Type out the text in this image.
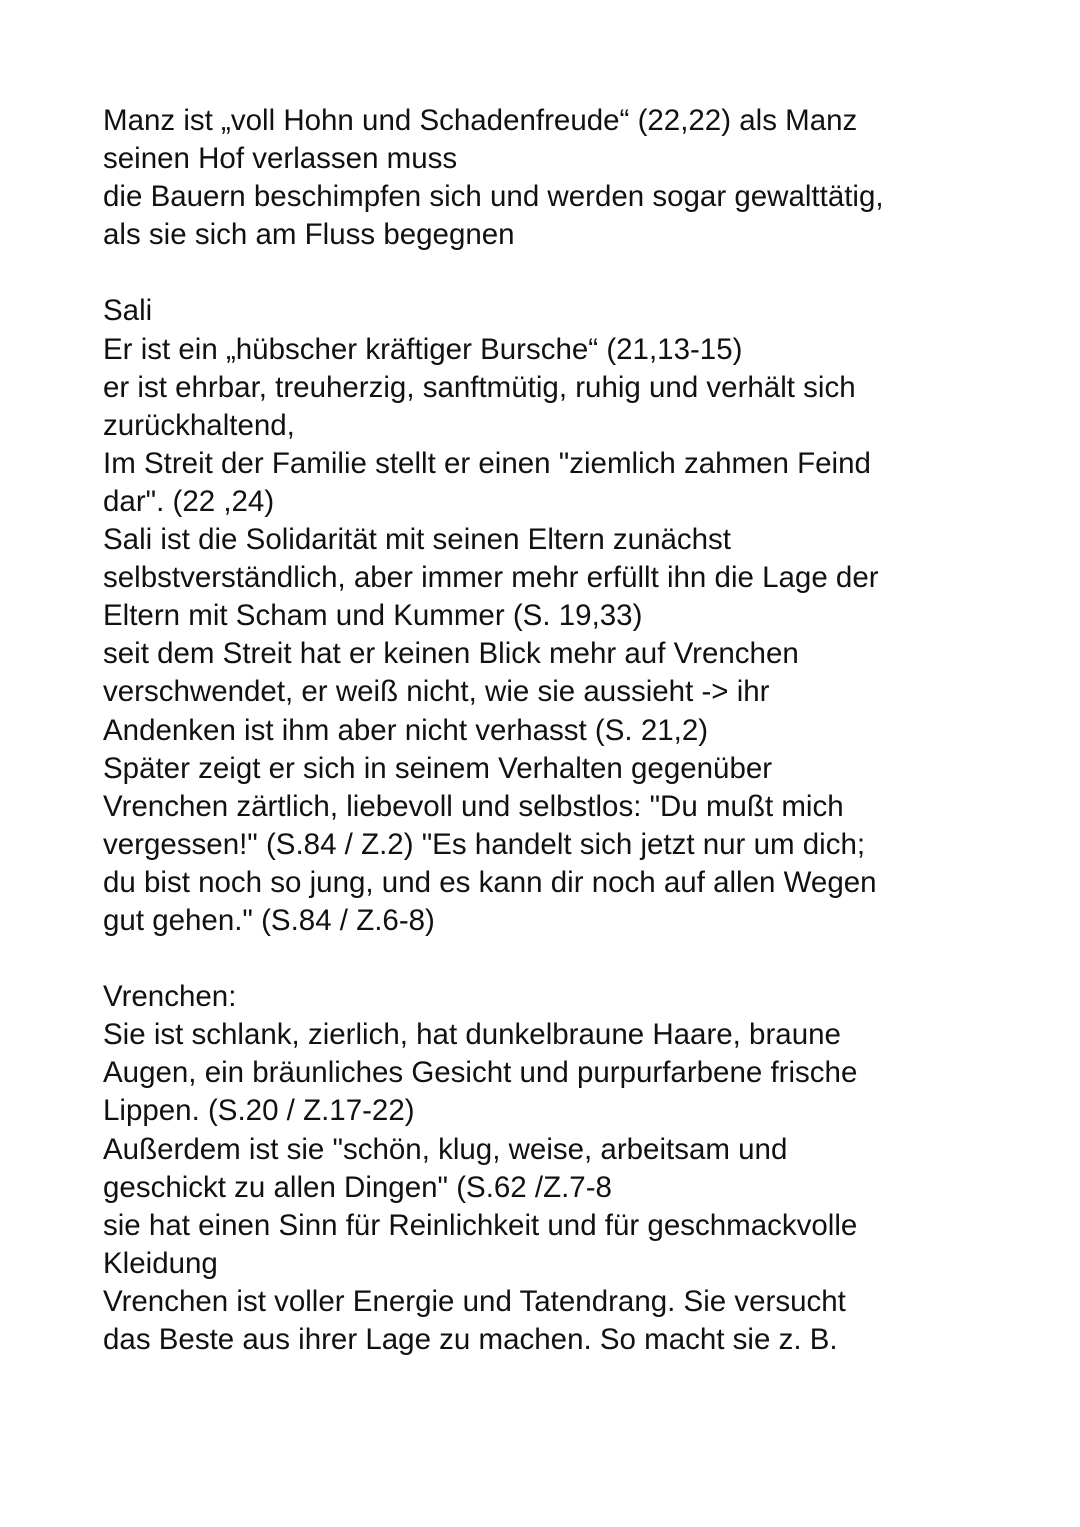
Manz ist „voll Hohn und Schadenfreude“ (22,22) als Manz
seinen Hof verlassen muss
die Bauern beschimpfen sich und werden sogar gewalttätig,
als sie sich am Fluss begegnen
Sali
Er ist ein „hübscher kräftiger Bursche“ (21,13-15)
er ist ehrbar, treuherzig, sanftmütig, ruhig und verhält sich
zurückhaltend,
Im Streit der Familie stellt er einen "ziemlich zahmen Feind
dar". (22 ,24)
Sali ist die Solidarität mit seinen Eltern zunächst
selbstverständlich, aber immer mehr erfüllt ihn die Lage der
Eltern mit Scham und Kummer (S. 19,33)
seit dem Streit hat er keinen Blick mehr auf Vrenchen
verschwendet, er weiß nicht, wie sie aussieht -> ihr
Andenken ist ihm aber nicht verhasst (S. 21,2)
Später zeigt er sich in seinem Verhalten gegenüber
Vrenchen zärtlich, liebevoll und selbstlos: "Du mußt mich
vergessen!" (S.84 / Z.2) "Es handelt sich jetzt nur um dich;
du bist noch so jung, und es kann dir noch auf allen Wegen
gut gehen." (S.84 / Z.6-8)
Vrenchen:
Sie ist schlank, zierlich, hat dunkelbraune Haare, braune
Augen, ein bräunliches Gesicht und purpurfarbene frische
Lippen. (S.20 / Z.17-22)
Außerdem ist sie "schön, klug, weise, arbeitsam und
geschickt zu allen Dingen" (S.62 /Z.7-8
sie hat einen Sinn für Reinlichkeit und für geschmackvolle
Kleidung
Vrenchen ist voller Energie und Tatendrang. Sie versucht
das Beste aus ihrer Lage zu machen. So macht sie z. B.
